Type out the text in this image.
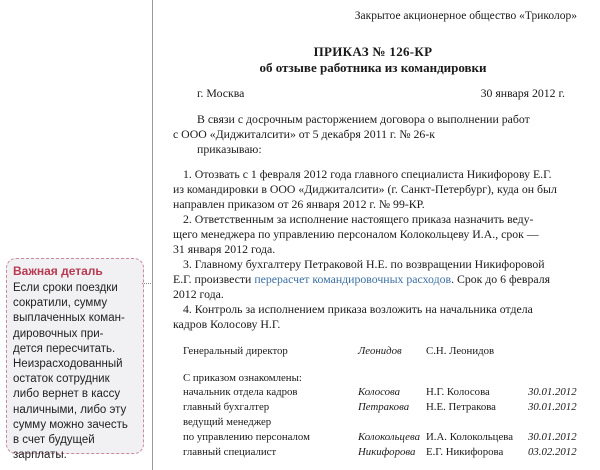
Важная деталь
Если сроки поездки
сократили, сумму
выплаченных коман-
дировочных при-
дется пересчитать.
Неизрасходованный
остаток сотрудник
либо вернет в кассу
наличными, либо эту
сумму можно зачесть
в счет будущей
зарплаты.
Закрытое акционерное общество «Триколор»
ПРИКАЗ № 126-КР
об отзыве работника из командировки
г. Москва	30 января 2012 г.
В связи с досрочным расторжением договора о выполнении работ
с ООО «Диджиталсити» от 5 декабря 2011 г. № 26-к
приказываю:
1. Отозвать с 1 февраля 2012 года главного специалиста Никифорову Е.Г.
из командировки в ООО «Диджиталсити» (г. Санкт-Петербург), куда он был
направлен приказом от 26 января 2012 г. № 99-КР.
2. Ответственным за исполнение настоящего приказа назначить веду-
щего менеджера по управлению персоналом Колокольцеву И.А., срок —
31 января 2012 года.
3. Главному бухгалтеру Петраковой Н.Е. по возвращении Никифоровой
Е.Г. произвести перерасчет командировочных расходов. Срок до 6 февраля
2012 года.
4. Контроль за исполнением приказа возложить на начальника отдела
кадров Колосову Н.Г.
Генеральный директор	Леонидов С.Н. Леонидов
С приказом ознакомлены:
начальник отдела кадров	Колосова Н.Г. Колосова	30.01.2012
главный бухгалтер	Петракова Н.Е. Петракова	30.01.2012
ведущий менеджер
по управлению персоналом	Колокольцева И.А. Колокольцева 30.01.2012
главный специалист	Никифорова Е.Г. Никифорова 03.02.2012
